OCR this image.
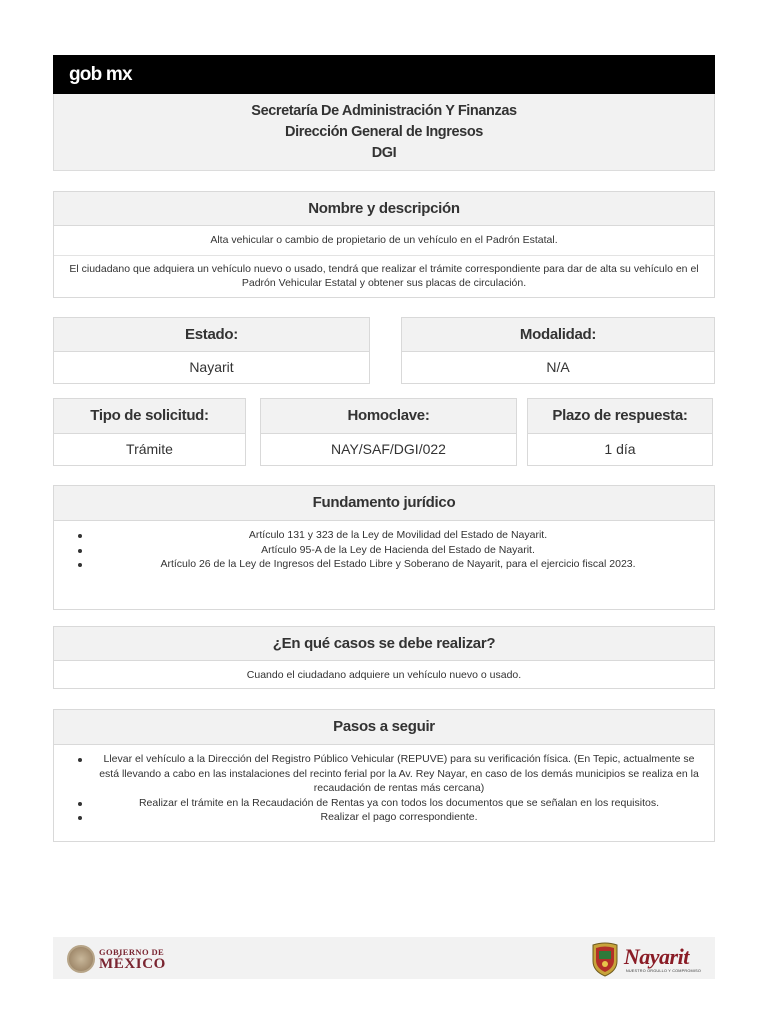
gob mx
Secretaría De Administración Y Finanzas
Dirección General de Ingresos
DGI
Nombre y descripción
Alta vehicular o cambio de propietario de un vehículo en el Padrón Estatal.
El ciudadano que adquiera un vehículo nuevo o usado, tendrá que realizar el trámite correspondiente para dar de alta su vehículo en el Padrón Vehicular Estatal y obtener sus placas de circulación.
Estado:
Nayarit
Modalidad:
N/A
Tipo de solicitud:
Trámite
Homoclave:
NAY/SAF/DGI/022
Plazo de respuesta:
1 día
Fundamento jurídico
Artículo 131 y 323 de la Ley de Movilidad del Estado de Nayarit.
Artículo 95-A de la Ley de Hacienda del Estado de Nayarit.
Artículo 26 de la Ley de Ingresos del Estado Libre y Soberano de Nayarit, para el ejercicio fiscal 2023.
¿En qué casos se debe realizar?
Cuando el ciudadano adquiere un vehículo nuevo o usado.
Pasos a seguir
Llevar el vehículo a la Dirección del Registro Público Vehicular (REPUVE) para su verificación física. (En Tepic, actualmente se está llevando a cabo en las instalaciones del recinto ferial por la Av. Rey Nayar, en caso de los demás municipios se realiza en la recaudación de rentas más cercana)
Realizar el trámite en la Recaudación de Rentas ya con todos los documentos que se señalan en los requisitos.
Realizar el pago correspondiente.
GOBIERNO DE
MÉXICO	Nayarit
NUESTRO ORGULLO Y COMPROMISO
